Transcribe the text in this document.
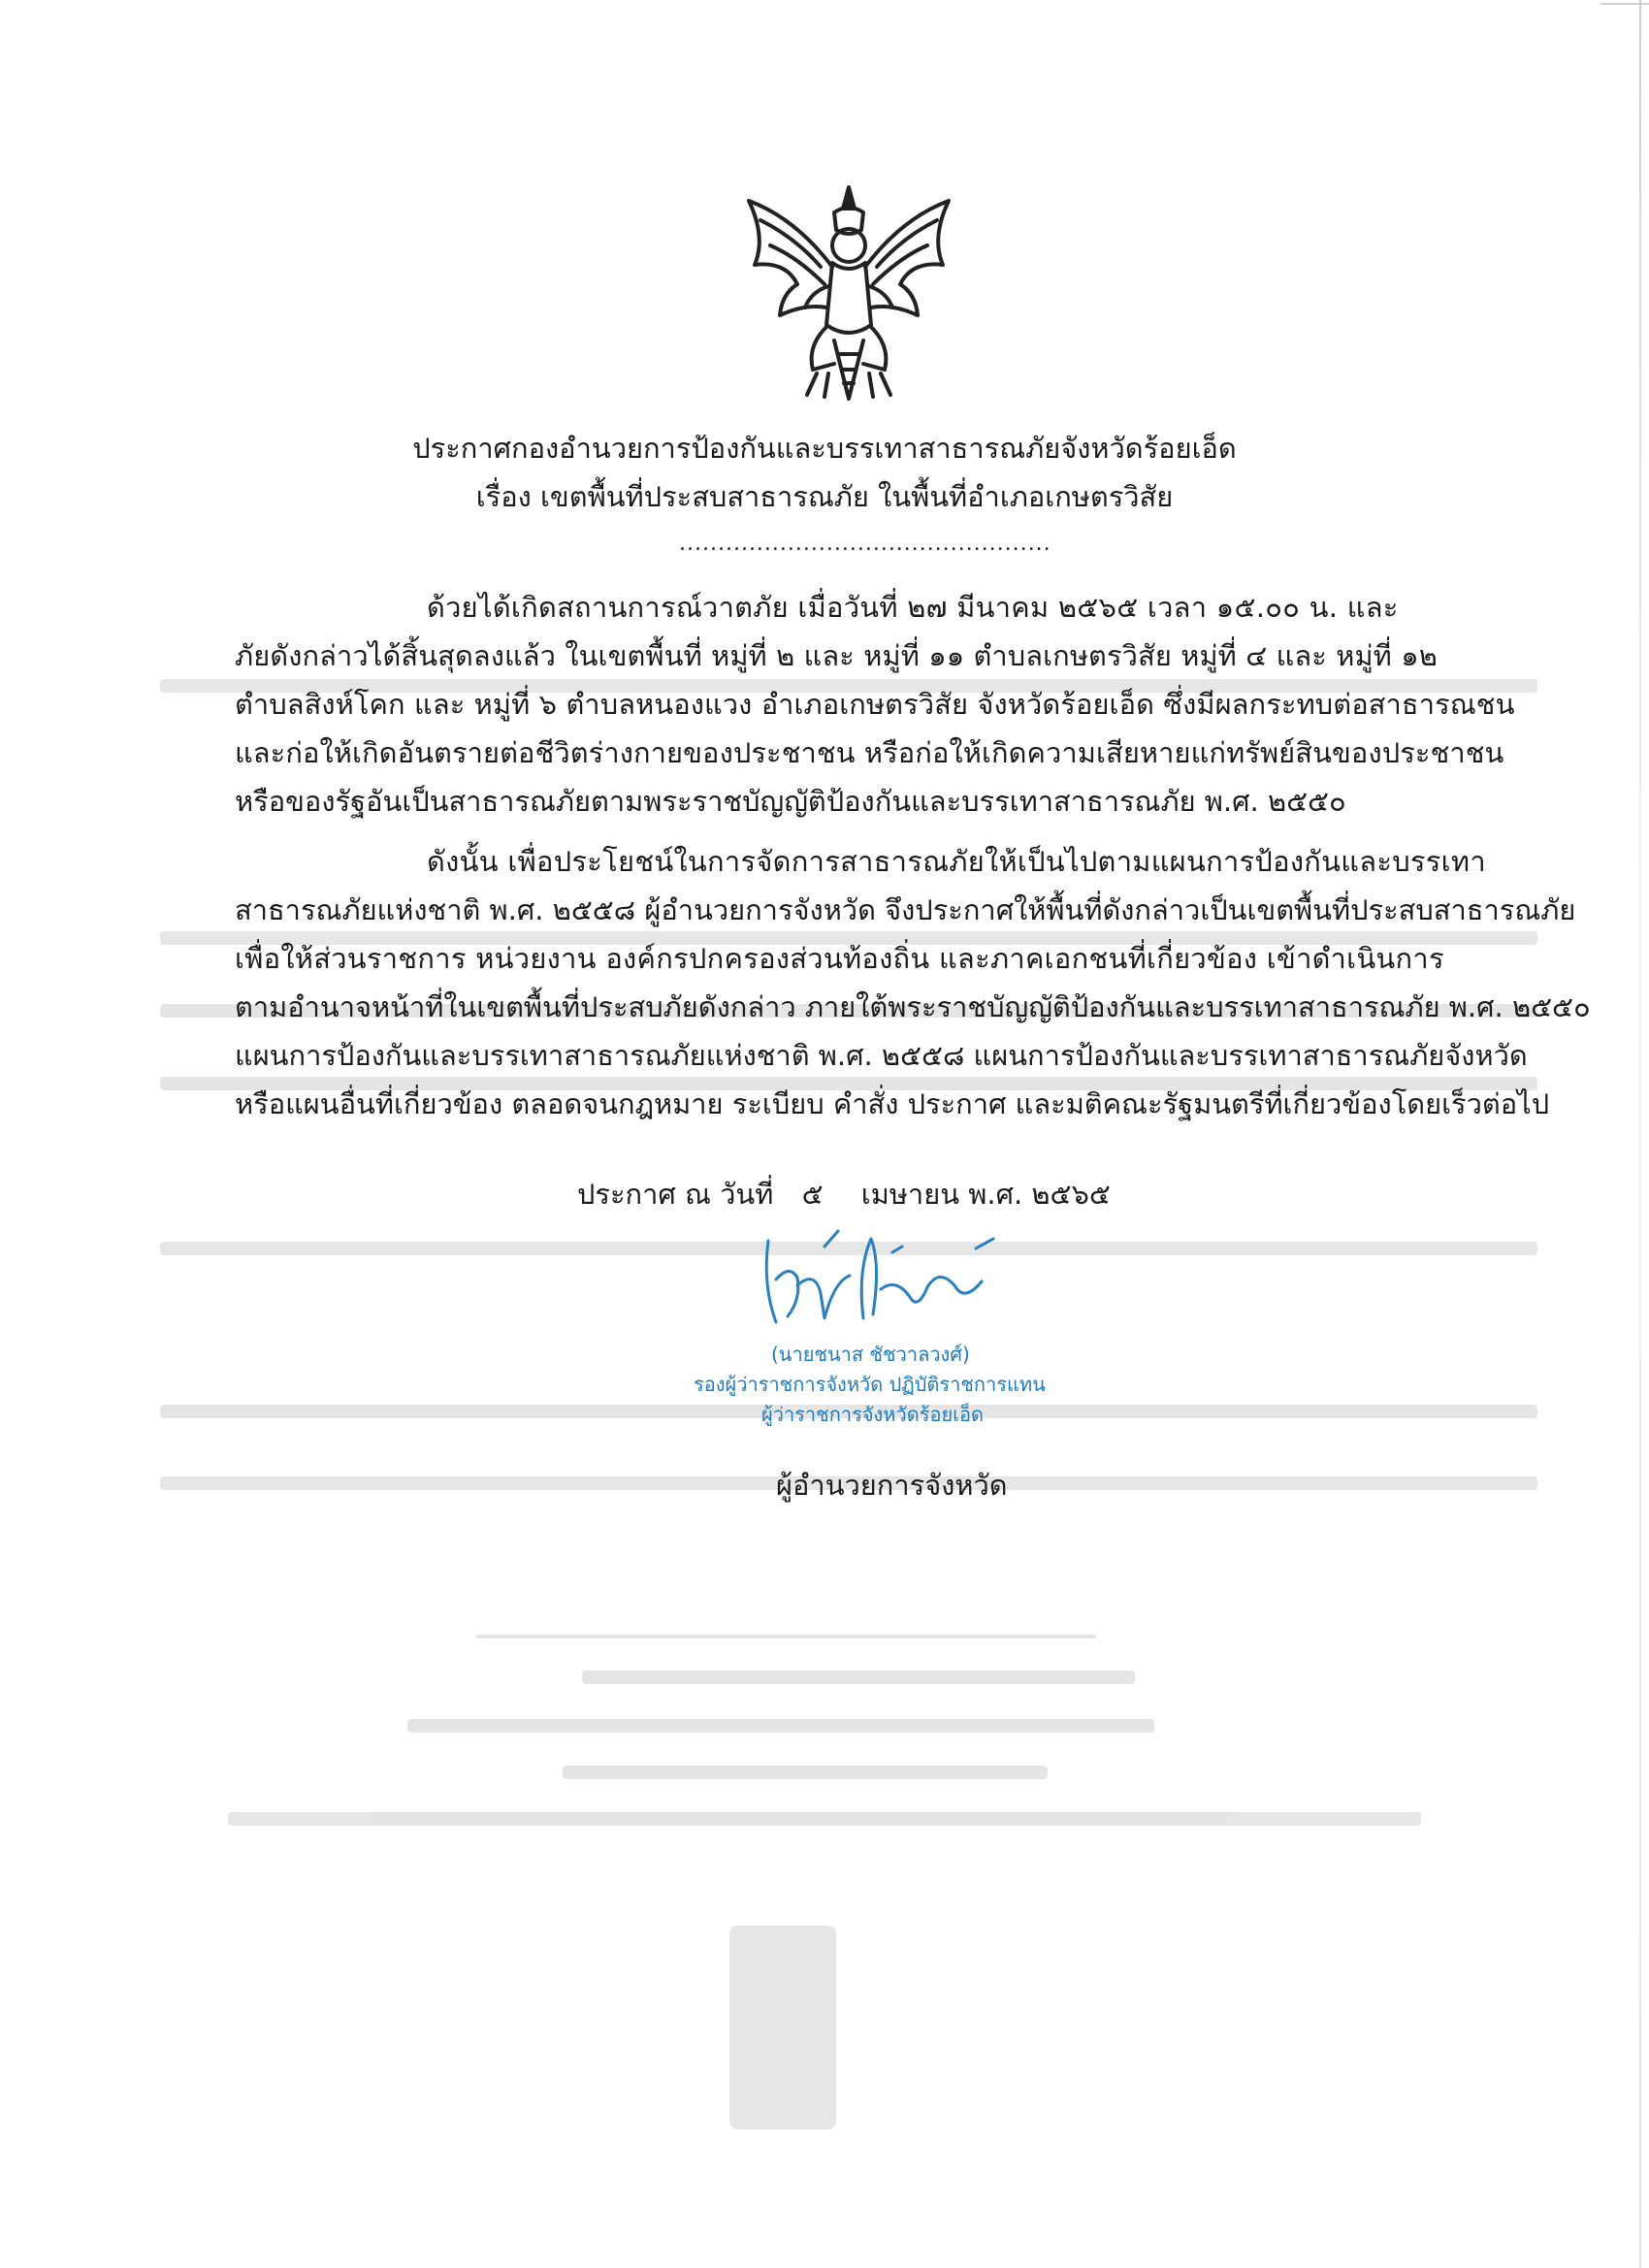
ประกาศกองอำนวยการป้องกันและบรรเทาสาธารณภัยจังหวัดร้อยเอ็ด
เรื่อง เขตพื้นที่ประสบสาธารณภัย ในพื้นที่อำเภอเกษตรวิสัย
................................................
ด้วยได้เกิดสถานการณ์วาตภัย เมื่อวันที่ ๒๗ มีนาคม ๒๕๖๕ เวลา ๑๕.๐๐ น. และ
ภัยดังกล่าวได้สิ้นสุดลงแล้ว ในเขตพื้นที่ หมู่ที่ ๒ และ หมู่ที่ ๑๑ ตำบลเกษตรวิสัย หมู่ที่ ๔ และ หมู่ที่ ๑๒
ตำบลสิงห์โคก และ หมู่ที่ ๖ ตำบลหนองแวง อำเภอเกษตรวิสัย จังหวัดร้อยเอ็ด ซึ่งมีผลกระทบต่อสาธารณชน
และก่อให้เกิดอันตรายต่อชีวิตร่างกายของประชาชน หรือก่อให้เกิดความเสียหายแก่ทรัพย์สินของประชาชน
หรือของรัฐอันเป็นสาธารณภัยตามพระราชบัญญัติป้องกันและบรรเทาสาธารณภัย พ.ศ. ๒๕๕๐
ดังนั้น เพื่อประโยชน์ในการจัดการสาธารณภัยให้เป็นไปตามแผนการป้องกันและบรรเทา
สาธารณภัยแห่งชาติ พ.ศ. ๒๕๕๘ ผู้อำนวยการจังหวัด จึงประกาศให้พื้นที่ดังกล่าวเป็นเขตพื้นที่ประสบสาธารณภัย
เพื่อให้ส่วนราชการ หน่วยงาน องค์กรปกครองส่วนท้องถิ่น และภาคเอกชนที่เกี่ยวข้อง เข้าดำเนินการ
ตามอำนาจหน้าที่ในเขตพื้นที่ประสบภัยดังกล่าว ภายใต้พระราชบัญญัติป้องกันและบรรเทาสาธารณภัย พ.ศ. ๒๕๕๐
แผนการป้องกันและบรรเทาสาธารณภัยแห่งชาติ พ.ศ. ๒๕๕๘ แผนการป้องกันและบรรเทาสาธารณภัยจังหวัด
หรือแผนอื่นที่เกี่ยวข้อง ตลอดจนกฎหมาย ระเบียบ คำสั่ง ประกาศ และมติคณะรัฐมนตรีที่เกี่ยวข้องโดยเร็วต่อไป
ประกาศ ณ วันที่ ๕ เมษายน พ.ศ. ๒๕๖๕
(นายชนาส ชัชวาลวงศ์)
รองผู้ว่าราชการจังหวัด ปฏิบัติราชการแทน
ผู้ว่าราชการจังหวัดร้อยเอ็ด
ผู้อำนวยการจังหวัด
